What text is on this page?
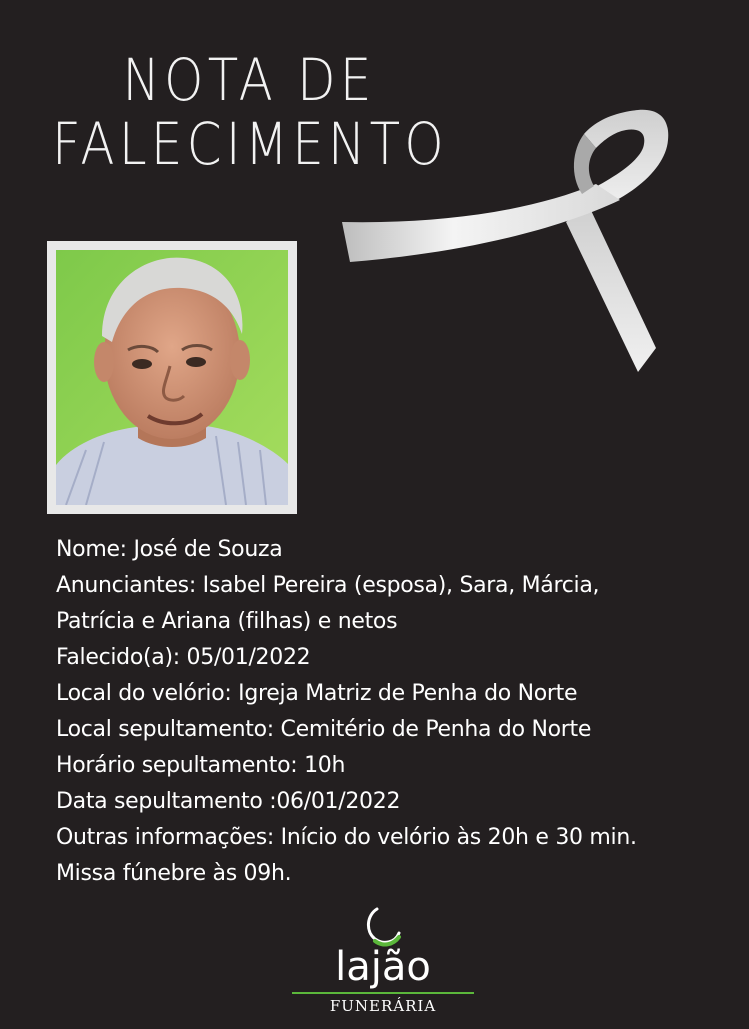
NOTA DE
FALECIMENTO
Nome: José de Souza
Anunciantes: Isabel Pereira (esposa), Sara, Márcia,
Patrícia e Ariana (filhas) e netos
Falecido(a): 05/01/2022
Local do velório: Igreja Matriz de Penha do Norte
Local sepultamento: Cemitério de Penha do Norte
Horário sepultamento: 10h
Data sepultamento :06/01/2022
Outras informações: Início do velório às 20h e 30 min.
Missa fúnebre às 09h.
lajão
FUNERÁRIA
